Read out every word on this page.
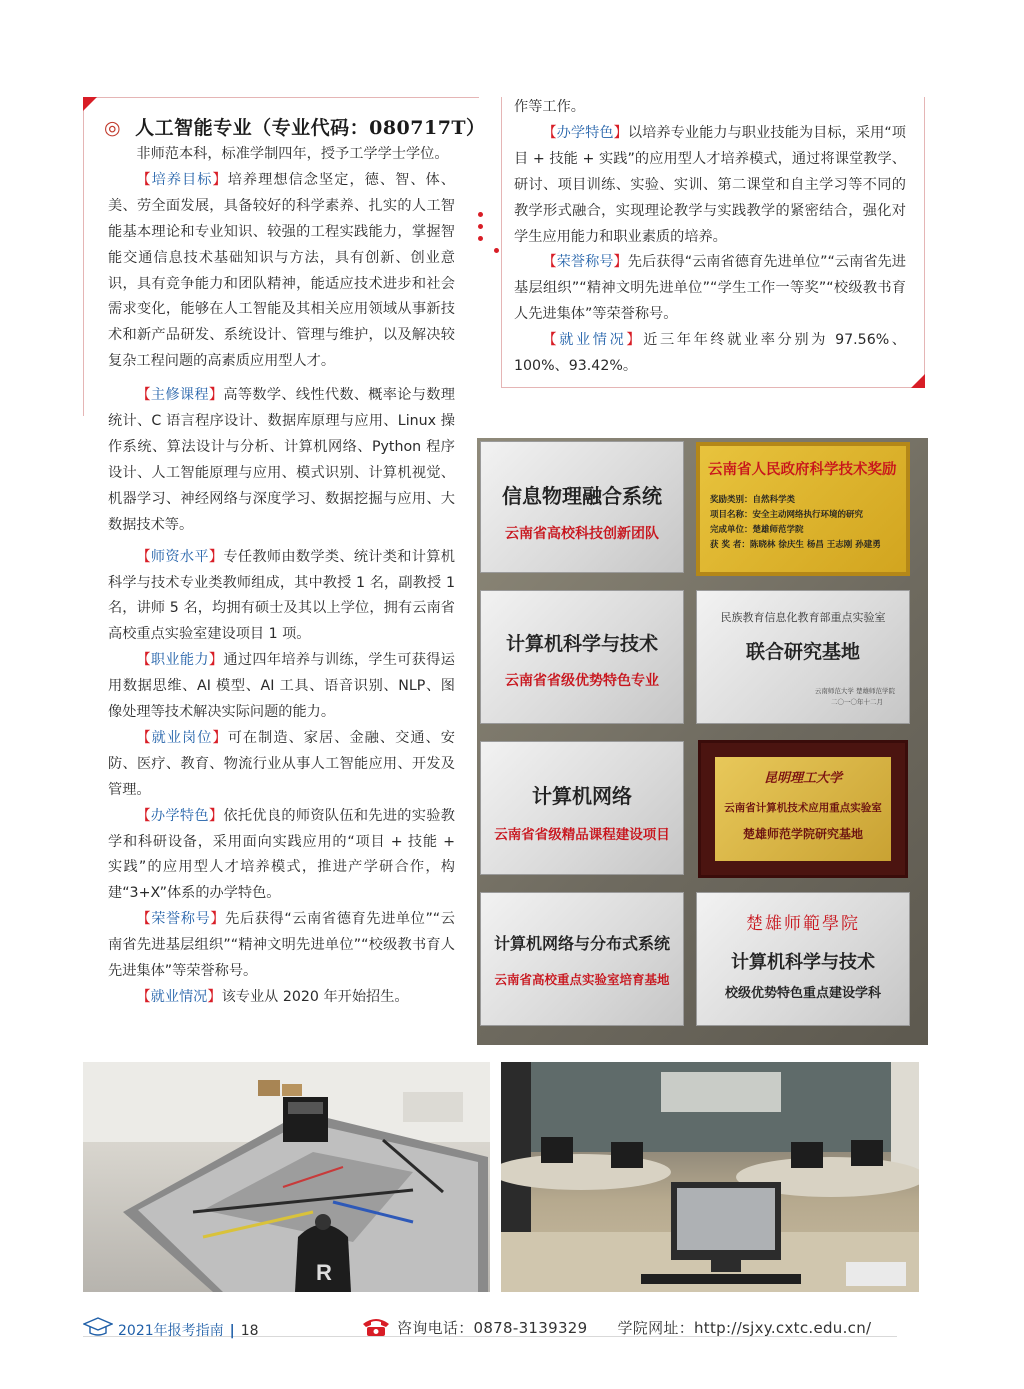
◎ 人工智能专业（专业代码：080717T）

非师范本科，标准学制四年，授予工学学士学位。

【培养目标】培养理想信念坚定，德、智、体、美、劳全面发展，具备较好的科学素养、扎实的人工智能基本理论和专业知识、较强的工程实践能力，掌握智能交通信息技术基础知识与方法，具有创新、创业意识，具有竞争能力和团队精神，能适应技术进步和社会需求变化，能够在人工智能及其相关应用领域从事新技术和新产品研发、系统设计、管理与维护，以及解决较复杂工程问题的高素质应用型人才。

【主修课程】高等数学、线性代数、概率论与数理统计、C 语言程序设计、数据库原理与应用、Linux 操作系统、算法设计与分析、计算机网络、Python 程序设计、人工智能原理与应用、模式识别、计算机视觉、机器学习、神经网络与深度学习、数据挖掘与应用、大数据技术等。

【师资水平】专任教师由数学类、统计类和计算机科学与技术专业类教师组成，其中教授 1 名，副教授 1 名，讲师 5 名，均拥有硕士及其以上学位，拥有云南省高校重点实验室建设项目 1 项。

【职业能力】通过四年培养与训练，学生可获得运用数据思维、AI 模型、AI 工具、语音识别、NLP、图像处理等技术解决实际问题的能力。

【就业岗位】可在制造、家居、金融、交通、安防、医疗、教育、物流行业从事人工智能应用、开发及管理。

【办学特色】依托优良的师资队伍和先进的实验教学和科研设备，采用面向实践应用的“项目 + 技能 + 实践”的应用型人才培养模式，推进产学研合作，构建“3+X”体系的办学特色。

【荣誉称号】先后获得“云南省德育先进单位”“云南省先进基层组织”“精神文明先进单位”“校级教书育人先进集体”等荣誉称号。

【就业情况】该专业从 2020 年开始招生。

作等工作。

【办学特色】以培养专业能力与职业技能为目标，采用“项目 + 技能 + 实践”的应用型人才培养模式，通过将课堂教学、研讨、项目训练、实验、实训、第二课堂和自主学习等不同的教学形式融合，实现理论教学与实践教学的紧密结合，强化对学生应用能力和职业素质的培养。

【荣誉称号】先后获得“云南省德育先进单位”“云南省先进基层组织”“精神文明先进单位”“学生工作一等奖”“校级教书育人先进集体”等荣誉称号。

【就业情况】近三年年终就业率分别为 97.56%、100%、93.42%。

信息物理融合系统
云南省高校科技创新团队
云南省人民政府科学技术奖励
奖励类别：自然科学类
项目名称：安全主动网络执行环境的研究
完成单位：楚雄师范学院
获 奖 者：陈晓林 徐庆生 杨昌 王志刚 孙建勇
计算机科学与技术
云南省省级优势特色专业
民族教育信息化教育部重点实验室
联合研究基地
云南师范大学 楚雄师范学院
二〇一〇年十二月
计算机网络
云南省省级精品课程建设项目
昆明理工大学
云南省计算机技术应用重点实验室
楚雄师范学院研究基地
计算机网络与分布式系统
云南省高校重点实验室培育基地
楚雄师範學院
计算机科学与技术
校级优势特色重点建设学科
R
2021年报考指南 | 18	咨询电话：0878-3139329 学院网址：http://sjxy.cxtc.edu.cn/
